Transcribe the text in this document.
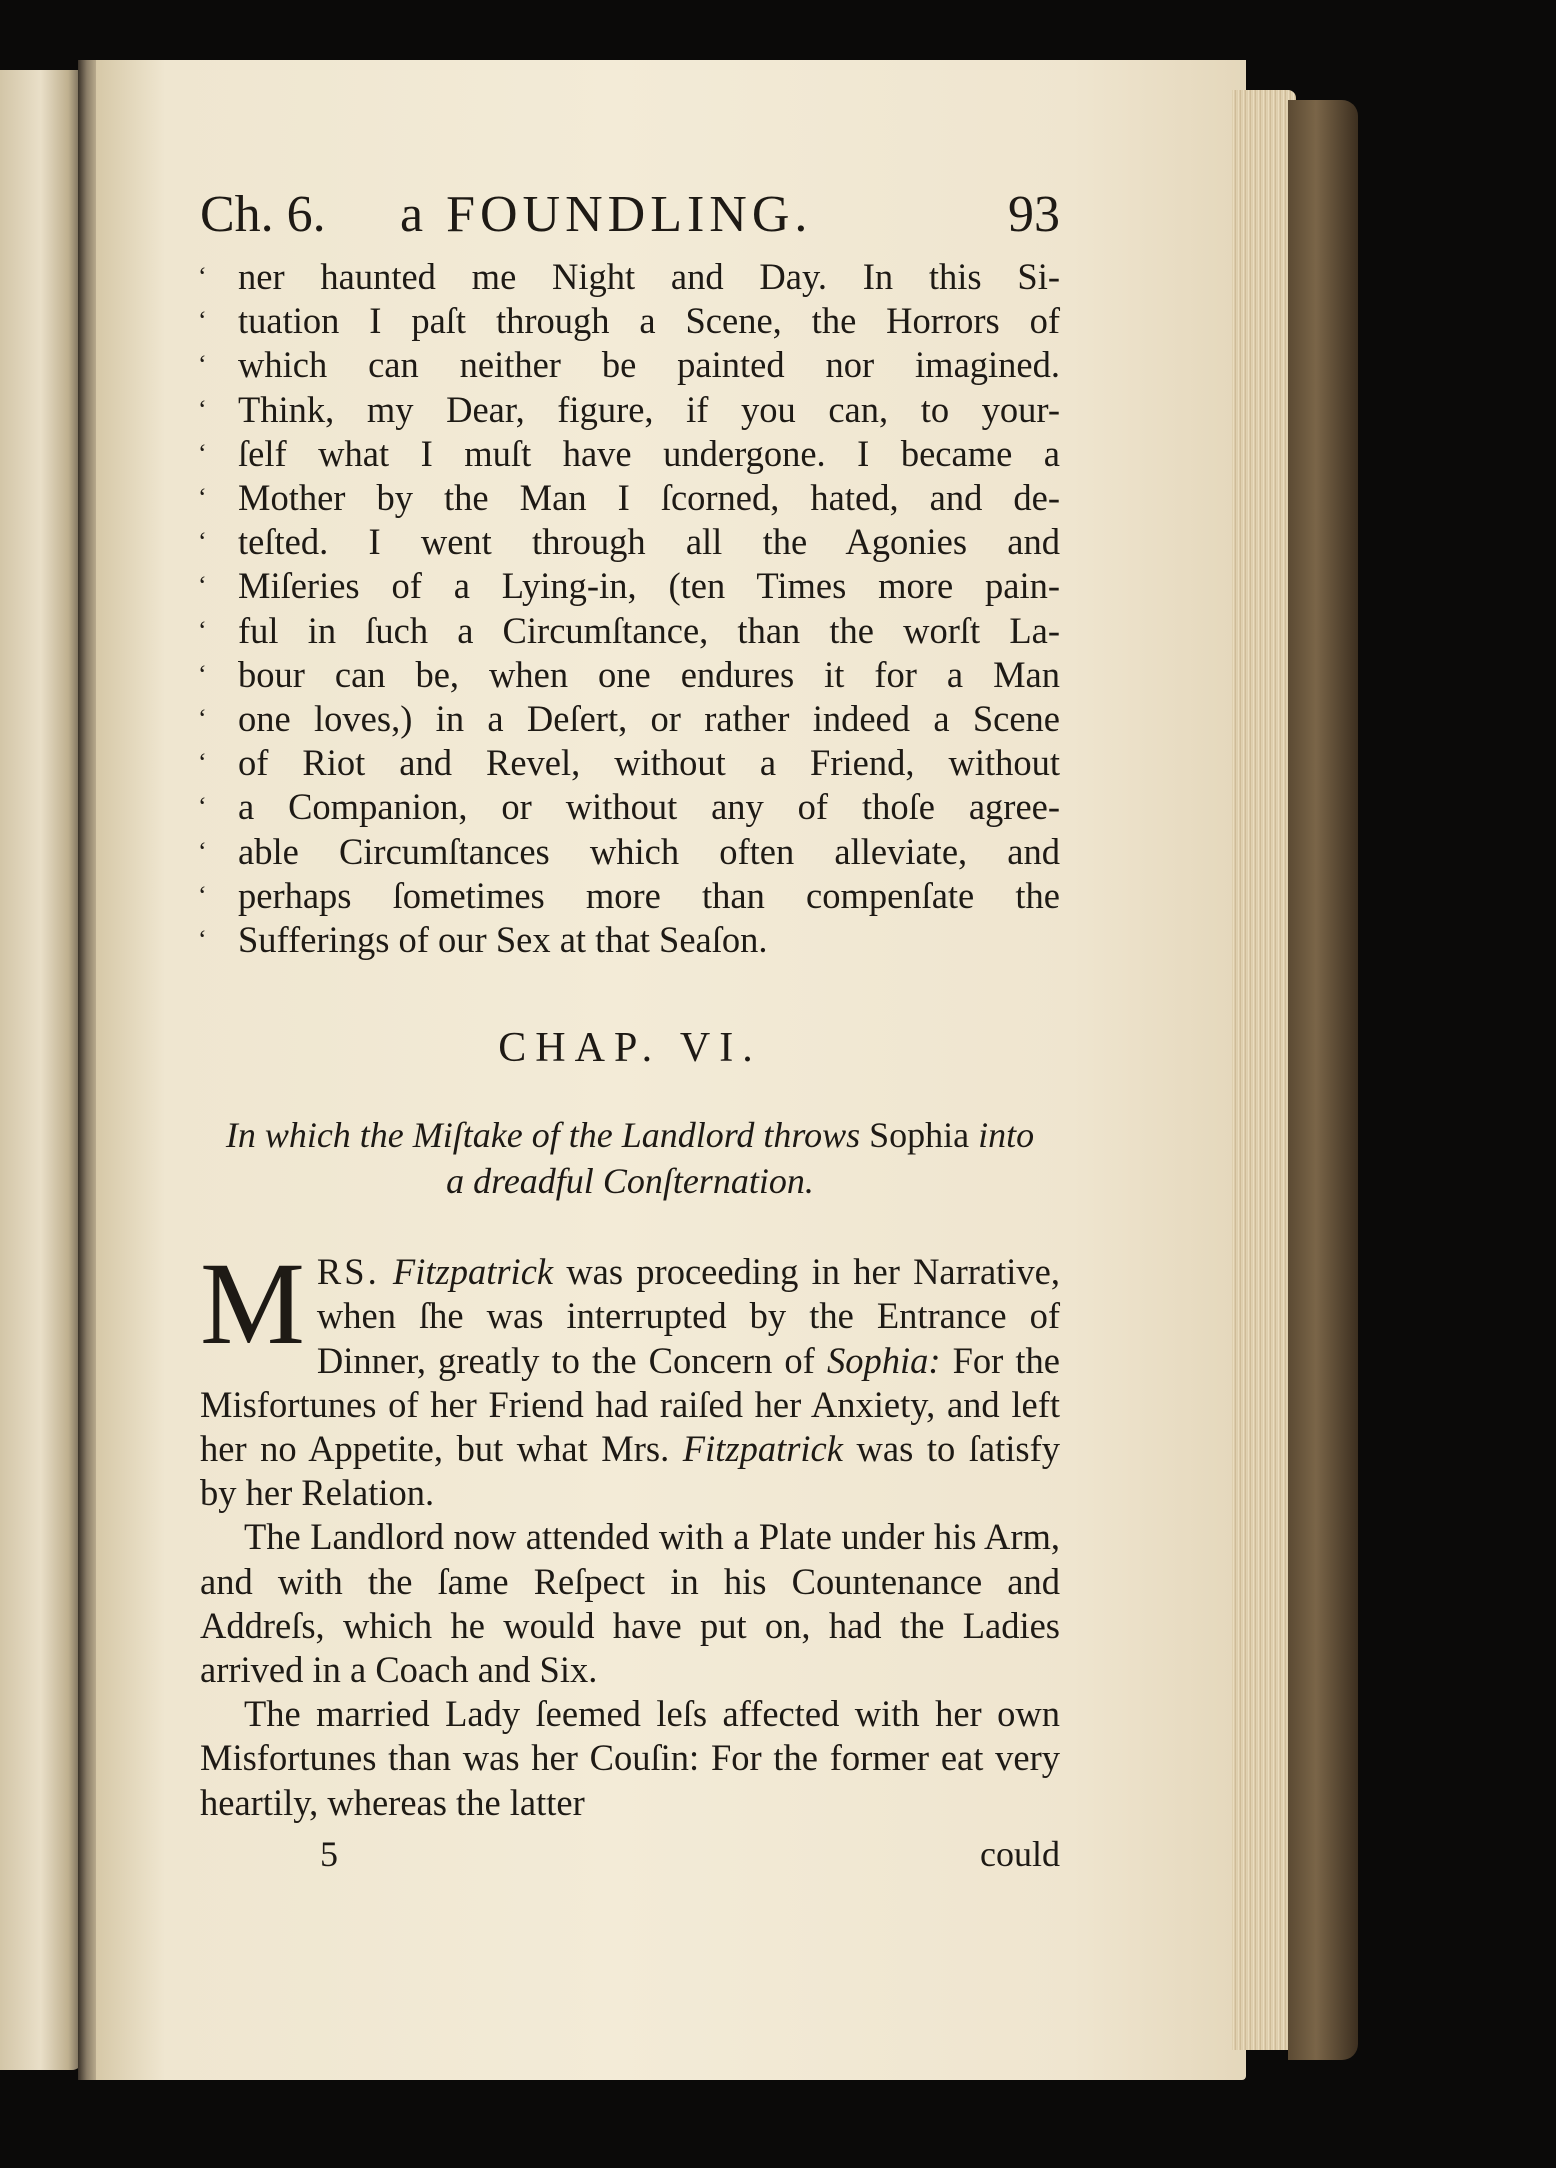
Ch. 6. a FOUNDLING.	93
‘ ner haunted me Night and Day. In this Si-
‘ tuation I paſt through a Scene, the Horrors of
‘ which can neither be painted nor imagined.
‘ Think, my Dear, figure, if you can, to your-
‘ ſelf what I muſt have undergone. I became a
‘ Mother by the Man I ſcorned, hated, and de-
‘ teſted. I went through all the Agonies and
‘ Miſeries of a Lying-in, (ten Times more pain-
‘ ful in ſuch a Circumſtance, than the worſt La-
‘ bour can be, when one endures it for a Man
‘ one loves,) in a Deſert, or rather indeed a Scene
‘ of Riot and Revel, without a Friend, without
‘ a Companion, or without any of thoſe agree-
‘ able Circumſtances which often alleviate, and
‘ perhaps ſometimes more than compenſate the
‘ Sufferings of our Sex at that Seaſon.
CHAP. VI.
In which the Miſtake of the Landlord throws Sophia into a dreadful Conſternation.

MRS. Fitzpatrick was proceeding in her Narrative, when ſhe was interrupted by the Entrance of Dinner, greatly to the Concern of Sophia: For the Misfortunes of her Friend had raiſed her Anxiety, and left her no Appetite, but what Mrs. Fitzpatrick was to ſatisfy by her Relation.

The Landlord now attended with a Plate under his Arm, and with the ſame Reſpect in his Countenance and Addreſs, which he would have put on, had the Ladies arrived in a Coach and Six.

The married Lady ſeemed leſs affected with her own Misfortunes than was her Couſin: For the former eat very heartily, whereas the latter

5	could
